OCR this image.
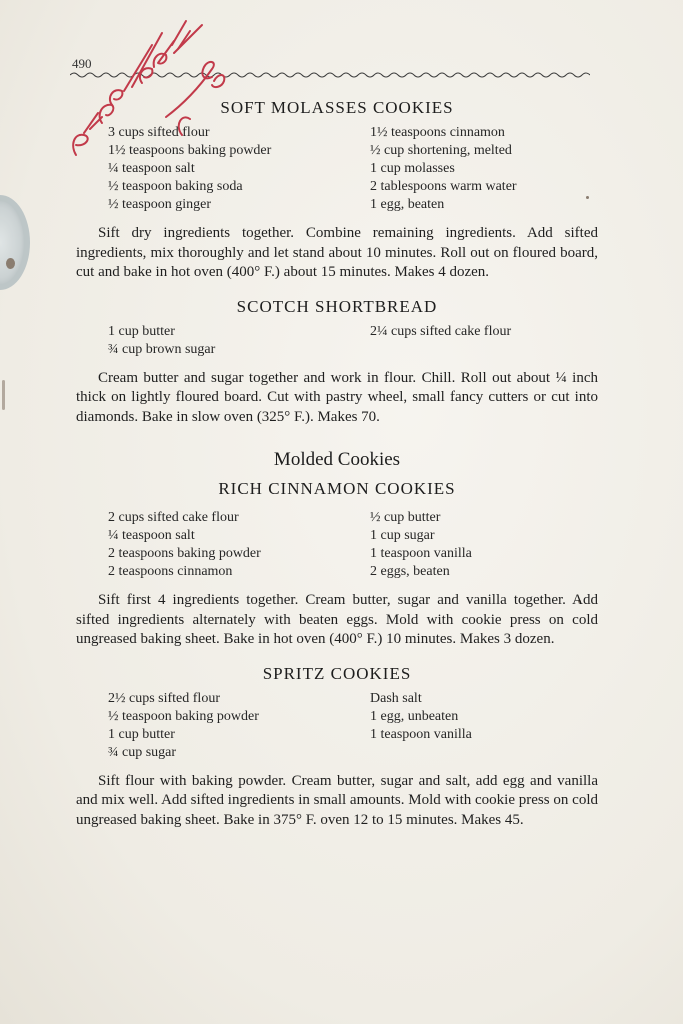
490
SOFT MOLASSES COOKIES
3 cups sifted flour
1½ teaspoons baking powder
¼ teaspoon salt
½ teaspoon baking soda
½ teaspoon ginger
1½ teaspoons cinnamon
½ cup shortening, melted
1 cup molasses
2 tablespoons warm water
1 egg, beaten

Sift dry ingredients together. Combine remaining ingredients. Add sifted ingredients, mix thoroughly and let stand about 10 minutes. Roll out on floured board, cut and bake in hot oven (400° F.) about 15 minutes. Makes 4 dozen.

SCOTCH SHORTBREAD
1 cup butter
¾ cup brown sugar
2¼ cups sifted cake flour

Cream butter and sugar together and work in flour. Chill. Roll out about ¼ inch thick on lightly floured board. Cut with pastry wheel, small fancy cutters or cut into diamonds. Bake in slow oven (325° F.). Makes 70.

Molded Cookies
RICH CINNAMON COOKIES
2 cups sifted cake flour
¼ teaspoon salt
2 teaspoons baking powder
2 teaspoons cinnamon
½ cup butter
1 cup sugar
1 teaspoon vanilla
2 eggs, beaten

Sift first 4 ingredients together. Cream butter, sugar and vanilla together. Add sifted ingredients alternately with beaten eggs. Mold with cookie press on cold ungreased baking sheet. Bake in hot oven (400° F.) 10 minutes. Makes 3 dozen.

SPRITZ COOKIES
2½ cups sifted flour
½ teaspoon baking powder
1 cup butter
¾ cup sugar
Dash salt
1 egg, unbeaten
1 teaspoon vanilla

Sift flour with baking powder. Cream butter, sugar and salt, add egg and vanilla and mix well. Add sifted ingredients in small amounts. Mold with cookie press on cold ungreased baking sheet. Bake in 375° F. oven 12 to 15 minutes. Makes 45.
